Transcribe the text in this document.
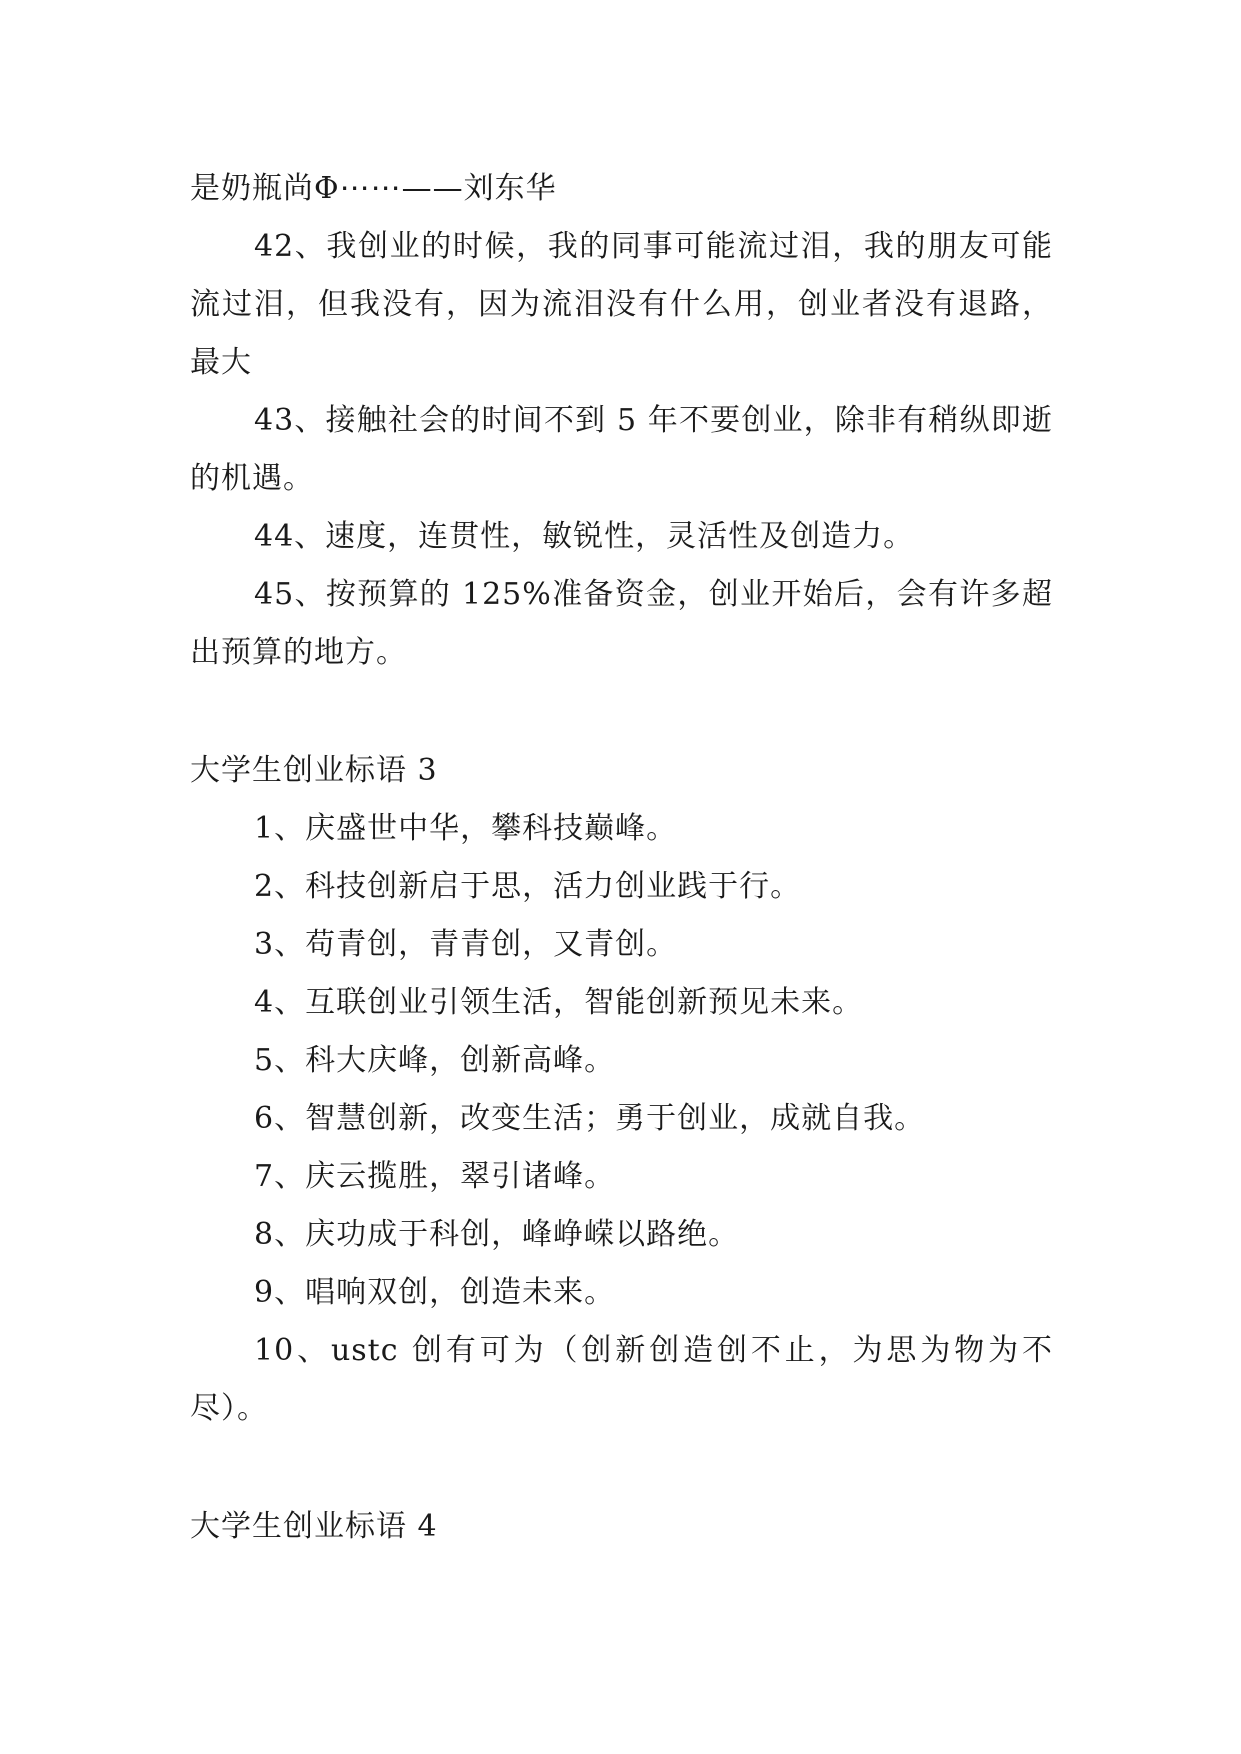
是奶瓶尚Φ⋯⋯——刘东华

42、我创业的时候，我的同事可能流过泪，我的朋友可能流过泪，但我没有，因为流泪没有什么用，创业者没有退路，最大

43、接触社会的时间不到 5 年不要创业，除非有稍纵即逝的机遇。

44、速度，连贯性，敏锐性，灵活性及创造力。

45、按预算的 125%准备资金，创业开始后，会有许多超出预算的地方。

大学生创业标语 3

1、庆盛世中华，攀科技巅峰。

2、科技创新启于思，活力创业践于行。

3、苟青创，青青创，又青创。

4、互联创业引领生活，智能创新预见未来。

5、科大庆峰，创新高峰。

6、智慧创新，改变生活；勇于创业，成就自我。

7、庆云揽胜，翠引诸峰。

8、庆功成于科创，峰峥嵘以路绝。

9、唱响双创，创造未来。

10、ustc 创有可为（创新创造创不止，为思为物为不尽）。

大学生创业标语 4
